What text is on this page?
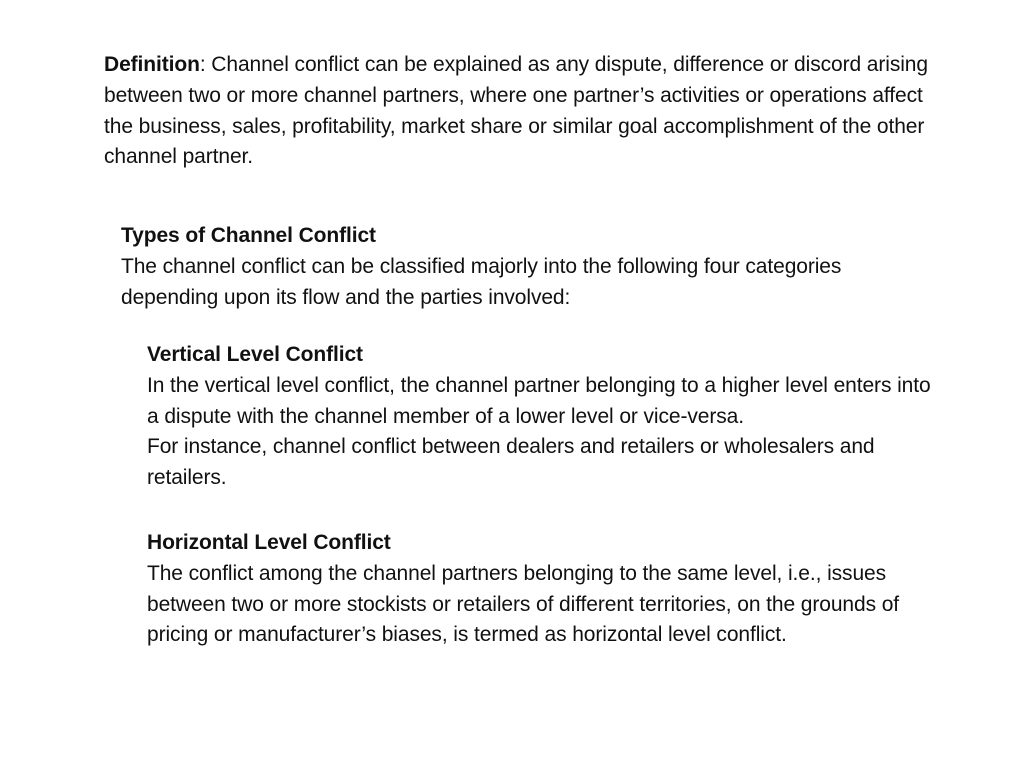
Definition: Channel conflict can be explained as any dispute, difference or discord arising between two or more channel partners, where one partner’s activities or operations affect the business, sales, profitability, market share or similar goal accomplishment of the other channel partner.
Types of Channel Conflict
The channel conflict can be classified majorly into the following four categories depending upon its flow and the parties involved:
Vertical Level Conflict
In the vertical level conflict, the channel partner belonging to a higher level enters into a dispute with the channel member of a lower level or vice-versa.
For instance, channel conflict between dealers and retailers or wholesalers and retailers.
Horizontal Level Conflict
The conflict among the channel partners belonging to the same level, i.e., issues between two or more stockists or retailers of different territories, on the grounds of pricing or manufacturer’s biases, is termed as horizontal level conflict.
